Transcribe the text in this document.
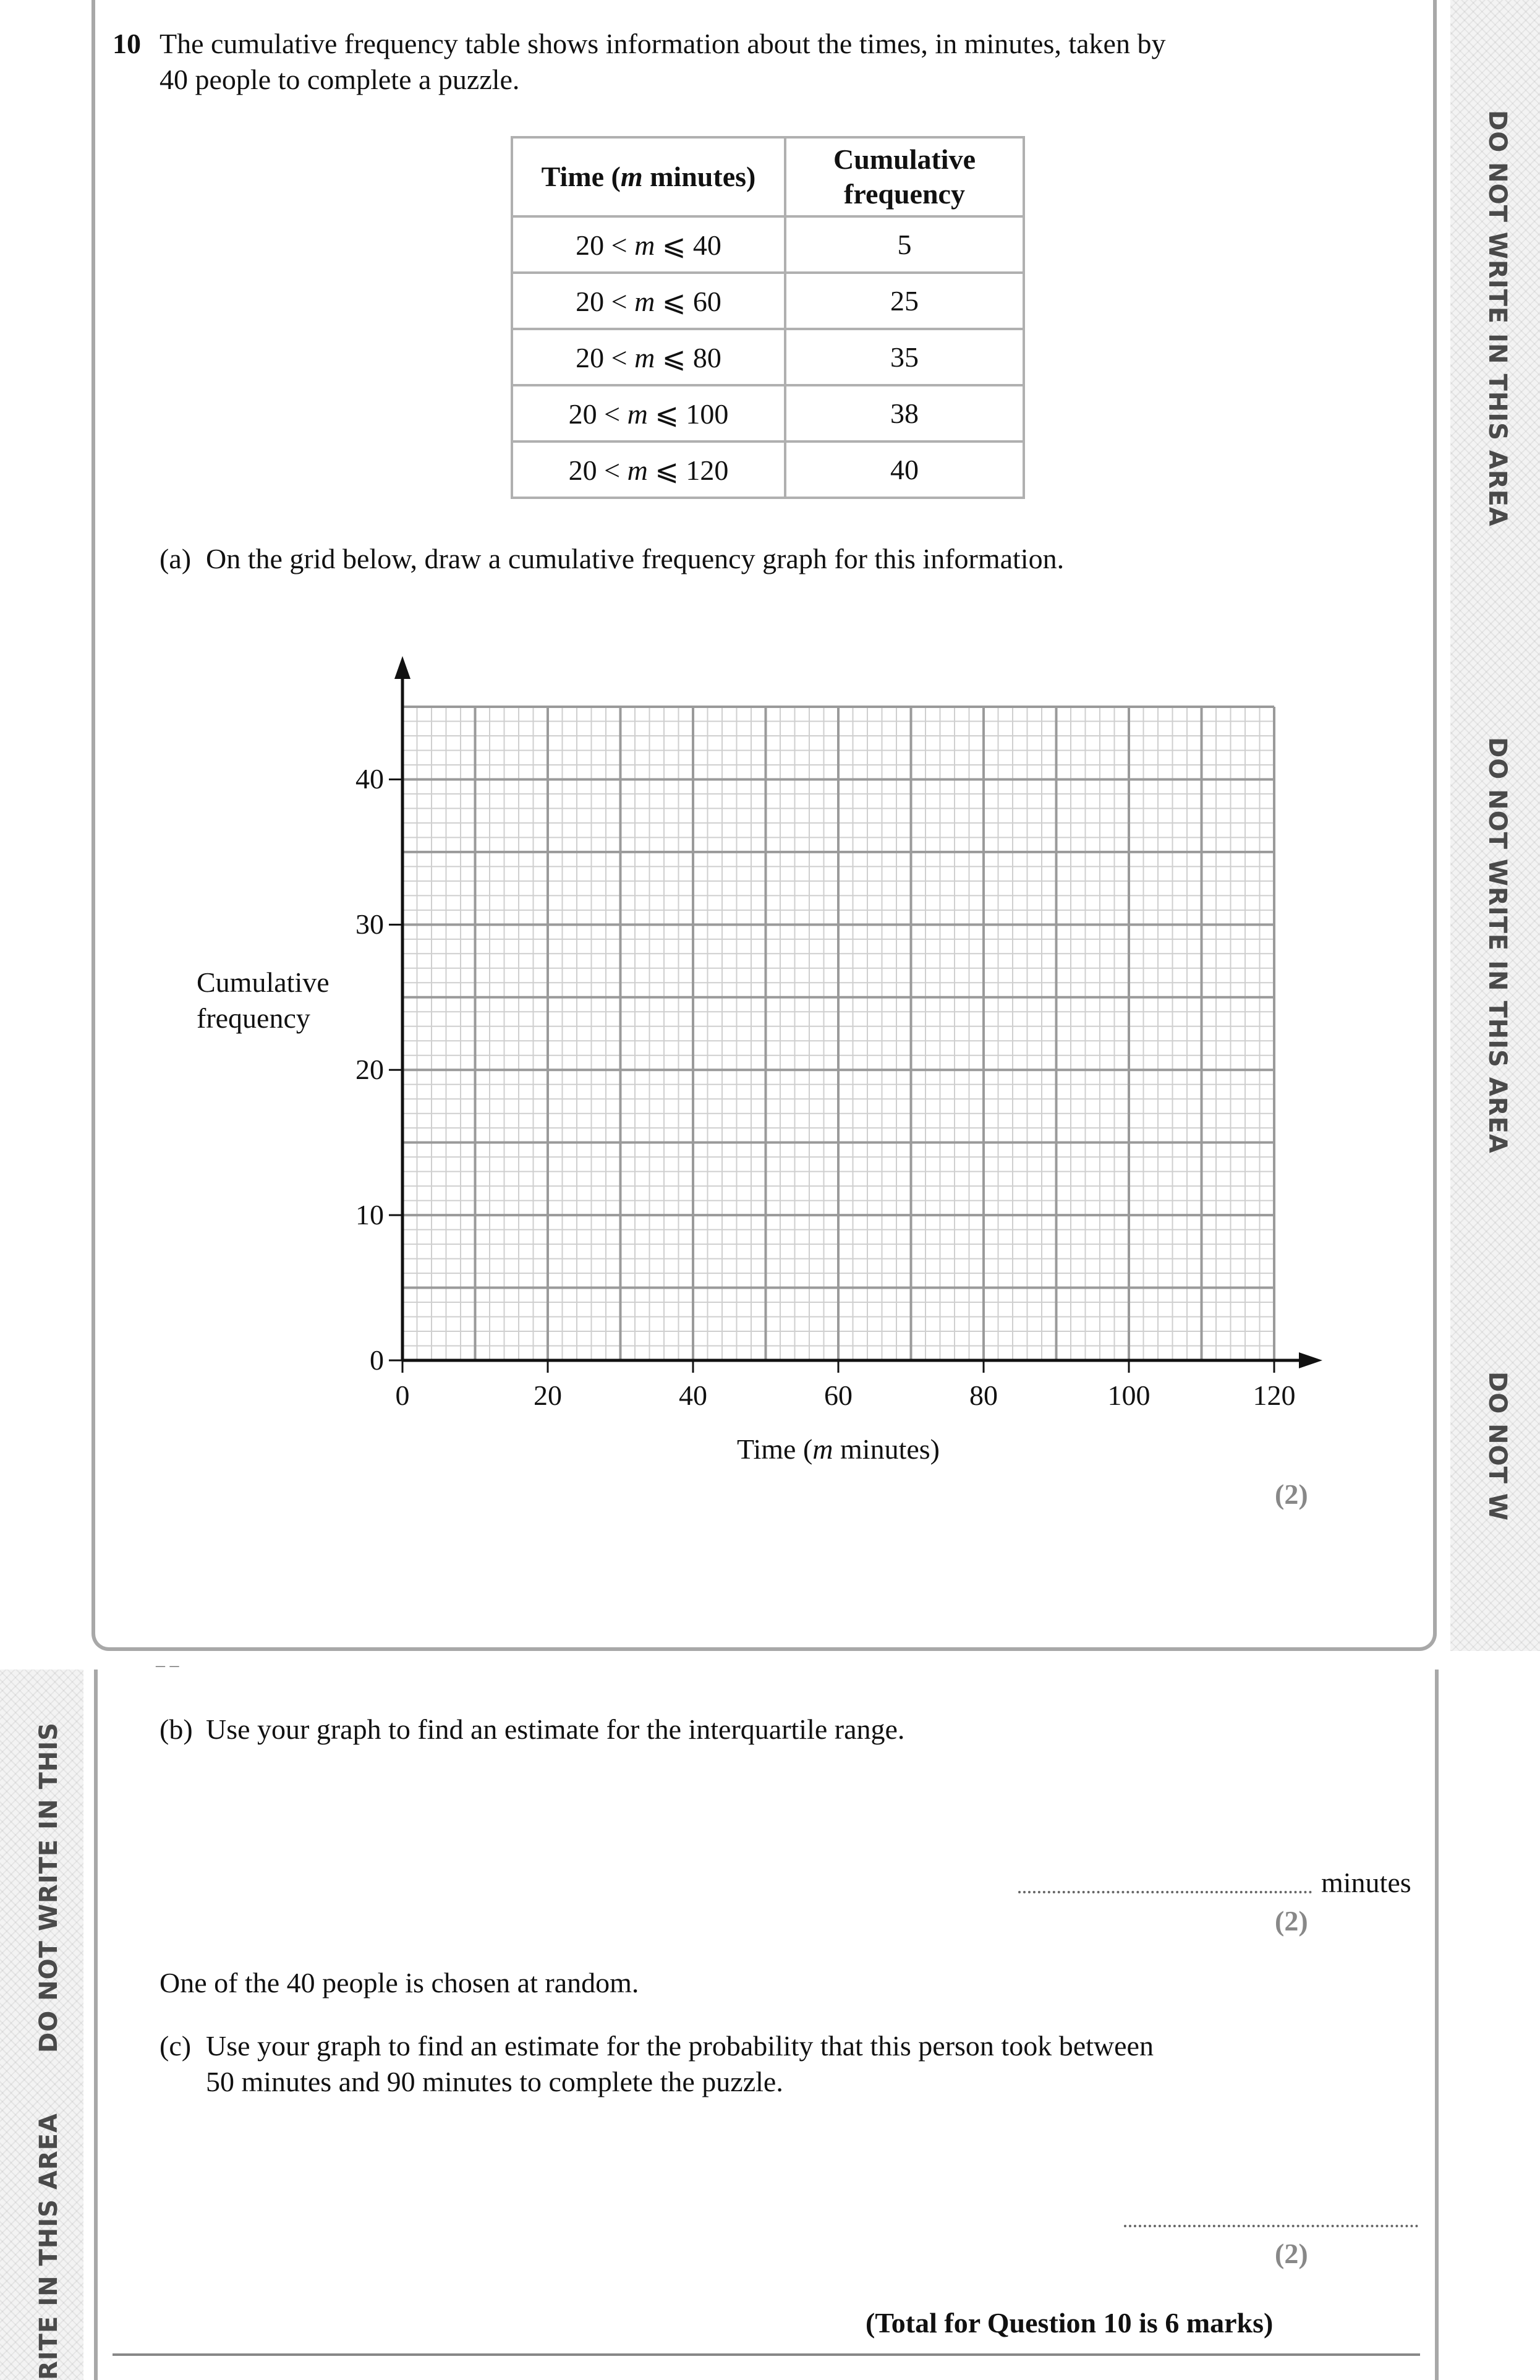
DO NOT WRITE IN THIS AREA
DO NOT WRITE IN THIS AREA
DO NOT W
DO NOT WRITE IN THIS
RITE IN THIS AREA
– –
10 The cumulative frequency table shows information about the times, in minutes, taken by
40 people to complete a puzzle.
Time (m minutes)	Cumulative
frequency

20 < m ⩽ 40	5
20 < m ⩽ 60	25
20 < m ⩽ 80	35
20 < m ⩽ 100	38
20 < m ⩽ 120	40
(a) On the grid below, draw a cumulative frequency graph for this information.
0
10
20
30
40
0	20	40	60	80	100	120
Cumulative
frequency
Time (m minutes)
(2)
(b) Use your graph to find an estimate for the interquartile range.
minutes
(2)
One of the 40 people is chosen at random.
(c) Use your graph to find an estimate for the probability that this person took between
50 minutes and 90 minutes to complete the puzzle.
(2)
(Total for Question 10 is 6 marks)
